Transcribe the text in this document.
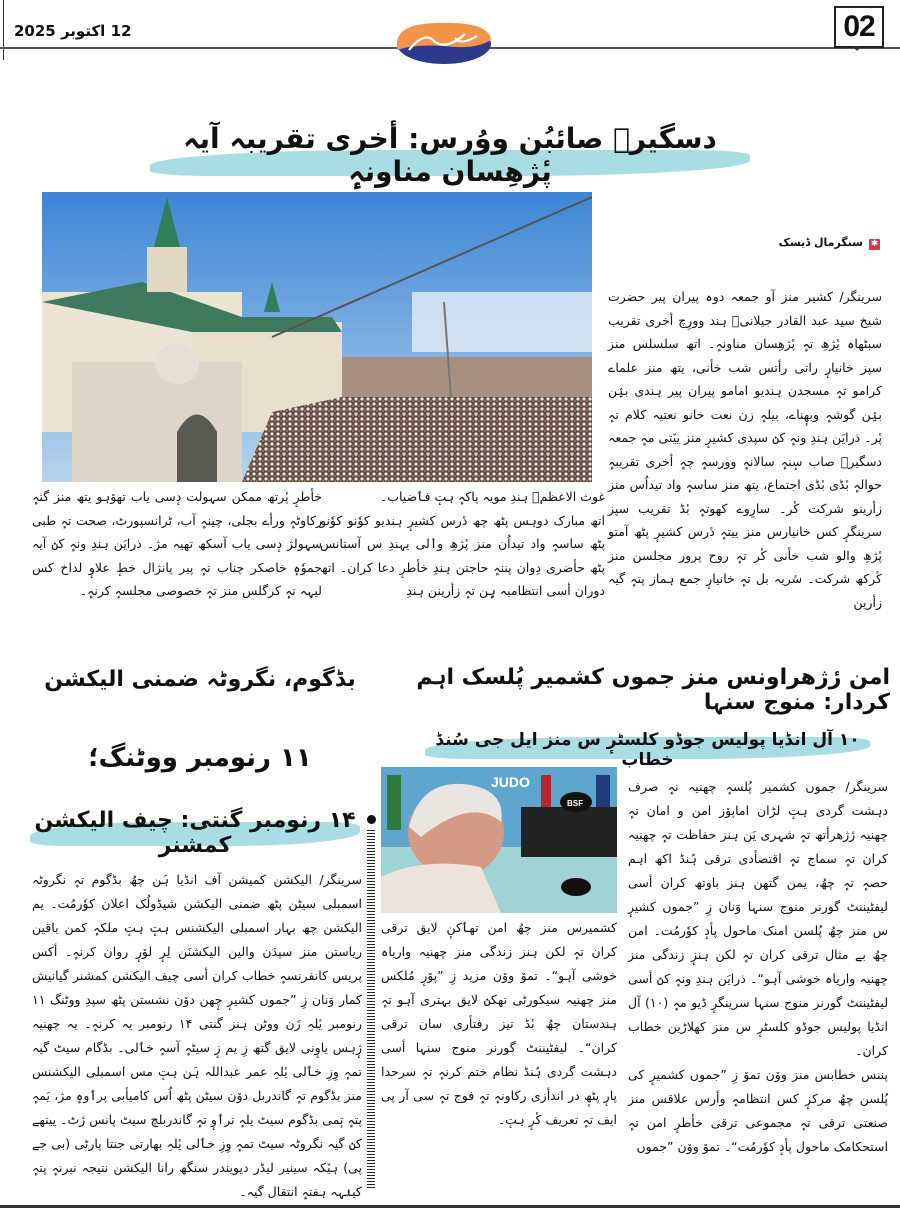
12 اکتوبر 2025	02
دسگیرؒ صائبُن ووُرس: أخری تقریبہ آیہ پٔژھِسان مناونہٕ
✱سنگرمال ڈیسک

سرینگر/ کشیر منز آو جمعہ دوہ پیران پیر حضرت شیخ سید عبد القادر جیلانیؒ ہند وورِچ أخری تقریب سبٹھاہ یٔژھِ تہٕ پٔژھِسان مناونہٕ۔ اتھ سلسلس منز سپز خانیارٕ راتی رأتس شب خأنی، یتھ منز علماے کرامو تہٕ مسجدن ہندیو امامو پیران پیر ہندی بیٛن بیٛن گوشہٕ وبھٕناے، بیلہٕ زن نعت خانو نعتیہ کلام تہٕ پٔر۔ ذرایَن ہندِ ونہٕ کنٛ سپدی کشیرٕ منز ییٚتی مہٕ جمعہ دسگیرؒ صاب سٕنہٕ سالانہٕ وورسہٕ چہٕ أخری تقریبہٕ حوالہٕ بٔڈی بٔڈی اجتماع، یتھ منز ساسہٕ واد تیداُس منز زأرینو شرکت کٔر۔ سارِوے کھوتہٕ بٔڈ تقریب سپز سرینگرٕ کس خانیارس منز ییتہٕ دٔرس کشیرٕ پٹھ آمتو پٔژھِ والو شب خأنی کٔر تہٕ روح پرور مجلسن منز کٔرکھ شرکت۔ سٔریہ بل تہٕ خانیارٕ جمع ہماز پتہٕ گیہ زأرین

غوث الاعظمؒ ہندِ مویہ پاکہٕ ہتٕ فٲضیاب۔

اتھ مبارک دوہس پٹھ چھ دٔرس کشیرٕ ہندیو کوٗنو کوٗنو پٹھ ساسہٕ واد تیداُن منز پٔژھِ واٛلی یہندِ س آستانس پٹھ حأضری دِوان پننہٕ حاجتن ہندِ خأطرٕ دعا کران۔ اتھ دوران أسی انتظامیہ ہٕن تہٕ زأرینن ہندِ

خأطرٕ پٔرتھ ممکن سہولت دٕسی یاب تھوٚہو یتھ منز گنہٕ رکاوٹہٕ ورأے بجلی، چینہٕ آب، ٹرانسپورٹ، صحت تہٕ طبی سہولژ دٕسی یاب آسکھ تھیہ مژ۔ ذرایَن ہندِ ونہٕ کنٛ آیہ جموٗہٕ خاصکر چناب تہٕ پیر پانژال خطٕ علاوٕ لداخ کس لیہہ تہٕ کرگلس منز تہٕ خصوصی مجلسہٕ کرنہٕ۔

امن رٔژھراونس منز جموں کشمیر پُلسک اہم کردار: منوج سنہا
۱۰ آل انڈیا پولیس جوڈو کلسٹرٕ س منز ایل جی سُنڈ خطاب
JUDO
BSF
کشمیرس منز چھُ امن تھٲکنٕ لایق ترقی کران تہٕ لکن ہنز زندگی منز چھنیہ واریاہ خوشی آہو“۔ تموٚ ووٚن مزید زِ ”پۆرٕ مُلکس منز چھنیہ سیکورٹی تھکنٛ لایق بہتری آہو تہٕ ہندستان چھُ بٔڈ تیز رفتأری سان ترقی کران“۔ لیفٹیننٹ گورنر منوج سنہا أسی دہشت گردی ہُنڈ نظام ختم کرنہٕ تہٕ سرحدا پارٕ پٹھٕ در اندأزی رکاونہٕ تہٕ فوج تہٕ سی آر پی ایف تہٕ تعریف کٔرٕ ہتٕ۔

سرینگر/ جموں کشمیر پُلسہٕ چھنیہ نہٕ صرف دہشت گردی ہتٕ لڑان اماپۆز امن و امان تہٕ چھنیہ رٔژھرأتھ تہٕ شہری یَن ہنز حفاظت تہٕ چھنیہ کران تہٕ سماج تہٕ اقتصأدی ترقی ہُنڈ اکھ اہم حصہٕ تہٕ چھُ، یمن گتھن ہنز باوتھ کران أسی لیفٹیننٹ گورنر منوج سنہا وَنان زِ ”جموں کشیرٕ س منز چھُ پُلسن امنک ماحول پأدٕ کوٗرمُت۔ امن چھُ بے مثال ترقی کران تہٕ لکن ہنزٕ زندگی منز چھنیہ واریاہ خوشی آہو“۔ ذرایَن ہندِ ونہٕ کنٛ أسی لیفٹیننٹ گورنر منوج سنہا سرینگرٕ ڈیو مہٕ (۱۰) آل انڈیا پولیس جوڈو کلسٹرٕ س منز کھلاڑین خطاب کران۔

پننس خطابس منز ووٚن تموٚ زِ ”جموں کشمیرٕ کی پُلسن چھُ مرکزٕ کس انتظامہٕ وأرس علاقس منز صنعتی ترقی تہٕ مجموعی ترقی خأطرٕ امن تہٕ استحکامک ماحول پأدٕ کوٗرمُت“۔ تموٚ ووٚن ”جموں

بڈگوم، نگروٹہ ضمنی الیکشن
۱۱ رنومبر ووٹنگ؛
۱۴ رنومبر گنتی: چیف الیکشن کمشنر
سرینگر/ الیکشن کمیشن آف انڈیا ہَن چھُ بڈگوم تہٕ نگروٹہ اسمبلی سیٹن پٹھ ضمنی الیکشن شیڈولُک اعلان کوٗرمُت۔ یم الیکشن چھ بہار اسمبلی الیکشنس ہتٕ ہتٕ ملکہٕ کمن باقین ریاستن منز سپدَن والین الیکشنَن لِرٕ لوٚرٕ روان کرنہٕ۔ أکس پریس کانفرنسہٕ خطاب کران أسی چیف الیکشن کمشنر گیانیش کمار وَنان زِ ”جموں کشیرٕ چٕھن دوٚن نشستن پٹھ سپدِ ووٹنگ ۱۱ رنومبر یٔلہِ زَن ووٹن ہنز گنتی ۱۴ رنومبر یہ کرنہٕ۔ یہ چھنیہ ژٕہس یاوٕنی لایق گتھ زِ یم زٕ سیٹہٕ آسہٕ خٲلی۔ بڈگام سیٹ گیہ تمہٕ وِزِ خٲلی یٔلہِ عمر عبداللہ ہَن ہتٕ مس اسمبلی الیکشنس منز بڈگوم تہٕ گاندربل دوٚن سیٹن پٹھ اُس کامیأبی پرٲوہٕ مژ، یَمہٕ پتہٕ تٕمی بڈگوم سیٹ یلہٕ ترٲوٕ تہٕ گاندربلچ سیٹ پانس رٔٹ۔ ییتھے کنٛ گیہ نگروٹہ سیٹ تمہٕ وِزِ خٲلی یٔلہِ بھارتی جنتا پارٹی (بی جے پی) ہیٚکہ سینیر لیڈر دیویندر سنگھ رانا الیکشن نتیجہ نیرنہٕ پتہٕ کینٛہہ ہفتہٕ انتقال گیہ۔
